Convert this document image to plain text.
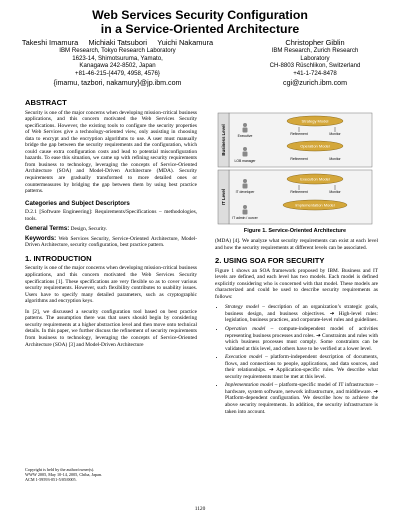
Web Services Security Configuration
in a Service-Oriented Architecture
Takeshi Imamura     Michiaki Tatsubori     Yuichi Nakamura
IBM Research, Tokyo Research Laboratory
1623-14, Shimotsuruma, Yamato,
Kanagawa 242-8502, Japan
+81-46-215-{4479, 4958, 4576}
{imamu, tazbori, nakamury}@jp.ibm.com
Christopher Giblin
IBM Research, Zurich Research
Laboratory
CH-8803 Rüschlikon, Switzerland
+41-1-724-8478
cgi@zurich.ibm.com
ABSTRACT

Security is one of the major concerns when developing mission-critical business applications, and this concern motivated the Web Services Security specifications. However, the existing tools to configure the security properties of Web Services give a technology-oriented view, only assisting in choosing data to encrypt and the encryption algorithms to use. A user must manually bridge the gap between the security requirements and the configuration, which could cause extra configuration costs and lead to potential misconfiguration hazards. To ease this situation, we came up with refining security requirements from business to technology, leveraging the concepts of Service-Oriented Architecture (SOA) and Model-Driven Architecture (MDA). Security requirements are gradually transformed to more detailed ones or countermeasures by bridging the gap between them by using best practice patterns.

Categories and Subject Descriptors

D.2.1 [Software Engineering]: Requirements/Specifications – methodologies, tools.

General Terms: Design, Security.
Keywords: Web Services Security, Service-Oriented Architecture, Model-Driven Architecture, security configuration, best practice pattern.
1. INTRODUCTION

Security is one of the major concerns when developing mission-critical business applications, and this concern motivated the Web Services Security specifications [1]. These specifications are very flexible so as to cover various security requirements. However, such flexibility contributes to usability issues. Users have to specify many detailed parameters, such as cryptographic algorithms and encryption keys.

In [2], we discussed a security configuration tool based on best practice patterns. The assumption there was that users should begin by considering security requirements at a higher abstraction level and then move onto technical details. In this paper, we further discuss the refinement of security requirements from business to technology, leveraging the concepts of Service-Oriented Architecture (SOA) [3] and Model-Driven Architecture

Copyright is held by the author/owner(s).
WWW 2005, May 10-14, 2005, Chiba, Japan.
ACM 1-59593-051-5/05/0005.
Business Level
Strategy Model
Refinement	Monitor
Operation Model
Refinement	Monitor
Executive
LOB manager
IT Level
Execution Model
Refinement	Monitor
Implementation Model
IT developer
IT admin / ourcer
Figure 1. Service-Oriented Architecture

(MDA) [4]. We analyze what security requirements can exist at each level and how the security requirements at different levels can be associated.

2. USING SOA FOR SECURITY

Figure 1 shows an SOA framework proposed by IBM. Business and IT levels are defined, and each level has two models. Each model is defined explicitly considering who is concerned with that model. These models are characterized and could be used to describe security requirements as follows:

• Strategy model – description of an organization’s strategic goals, business design, and business objectives. ➔ High-level rules: legislation, business practices, and corporate-level rules and guidelines.
• Operation model – compute-independent model of activities representing business processes and roles. ➔ Constraints and rules with which business processes must comply. Some constraints can be validated at this level, and others have to be verified at a lower level.
• Execution model – platform-independent description of documents, flows, and connections to people, applications, and data sources, and their relationships. ➔ Application-specific rules. We describe what security requirements must be met at this level.
• Implementation model – platform-specific model of IT infrastructure – hardware, system software, network infrastructure, and middleware. ➔ Platform-dependent configuration. We describe how to achieve the above security requirements. In addition, the security infrastructure is taken into account.
1120
